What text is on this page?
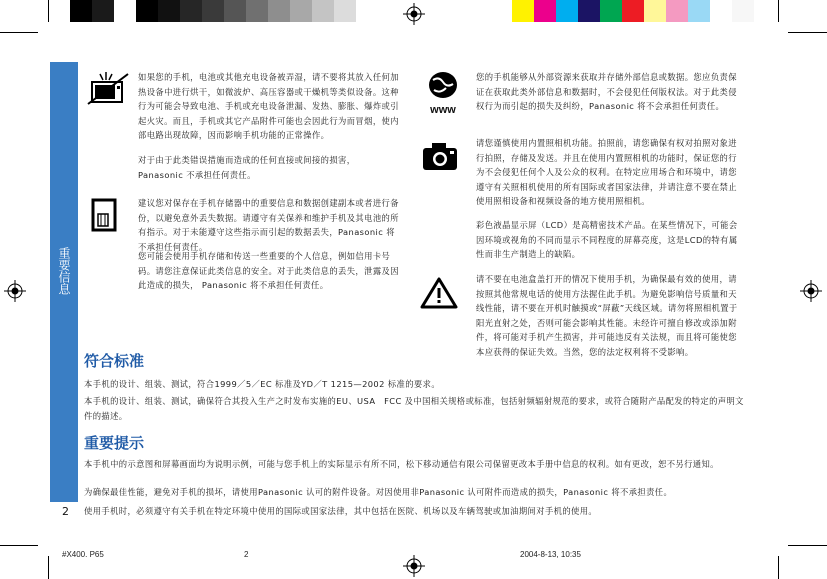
重要信息
www
如果您的手机，电池或其他充电设备被弄湿，请不要将其放入任何加热设备中进行烘干，如微波炉、高压容器或干燥机等类似设备。这种行为可能会导致电池、手机或充电设备泄漏、发热、膨胀、爆炸或引起火灾。而且，手机或其它产品附件可能也会因此行为而冒烟，使内部电路出现故障，因而影响手机功能的正常操作。
对于由于此类错误措施而造成的任何直接或间接的损害，Panasonic 不承担任何责任。
建议您对保存在手机存储器中的重要信息和数据创建副本或者进行备份，以避免意外丢失数据。请遵守有关保养和维护手机及其电池的所有指示。对于未能遵守这些指示而引起的数据丢失，Panasonic 将不承担任何责任。
您可能会使用手机存储和传送一些重要的个人信息，例如信用卡号码。请您注意保证此类信息的安全。对于此类信息的丢失，泄露及因此造成的损失， Panasonic 将不承担任何责任。
您的手机能够从外部资源来获取并存储外部信息或数据。您应负责保证在获取此类外部信息和数据时，不会侵犯任何版权法。对于此类侵权行为而引起的损失及纠纷，Panasonic 将不会承担任何责任。
请您谨慎使用内置照相机功能。拍照前，请您确保有权对拍照对象进行拍照，存储及发送。并且在使用内置照相机的功能时，保证您的行为不会侵犯任何个人及公众的权利。在特定应用场合和环境中，请您遵守有关照相机使用的所有国际或者国家法律，并请注意不要在禁止使用照相设备和视频设备的地方使用照相机。
彩色液晶显示屏（LCD）是高精密技术产品。在某些情况下，可能会因环境或视角的不同而显示不同程度的屏幕亮度，这是LCD的特有属性而非生产制造上的缺陷。
请不要在电池盒盖打开的情况下使用手机，为确保最有效的使用，请按照其他常规电话的使用方法握住此手机。为避免影响信号质量和天线性能，请不要在开机时触摸或“屏蔽”天线区域。请勿将照相机置于阳光直射之处，否则可能会影响其性能。未经许可擅自修改或添加附件，将可能对手机产生损害，并可能违反有关法规，而且将可能使您本应获得的保证失效。当然，您的法定权利将不受影响。
符合标准
本手机的设计、组装、测试，符合1999／5／EC 标准及YD／T 1215—2002 标准的要求。
本手机的设计、组装、测试，确保符合其投入生产之时发布实施的EU、USA　FCC 及中国相关规格或标准，包括射频辐射规范的要求，或符合随附产品配发的特定的声明文件的描述。
重要提示
本手机中的示意图和屏幕画面均为说明示例，可能与您手机上的实际显示有所不同，松下移动通信有限公司保留更改本手册中信息的权利。如有更改，恕不另行通知。
为确保最佳性能，避免对手机的损坏，请使用Panasonic 认可的附件设备。对因使用非Panasonic 认可附件而造成的损失，Panasonic 将不承担责任。
使用手机时，必须遵守有关手机在特定环境中使用的国际或国家法律，其中包括在医院、机场以及车辆驾驶或加油期间对手机的使用。
2
#X400. P65	2	2004-8-13, 10:35
